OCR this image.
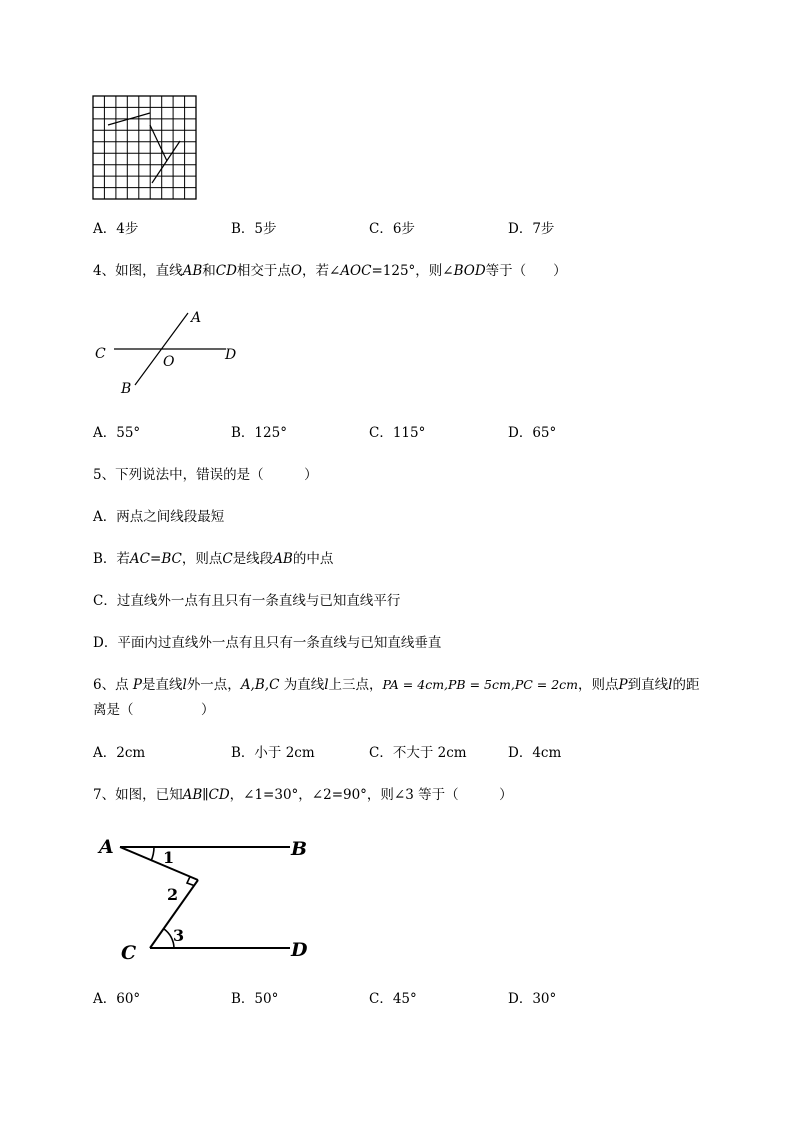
A．4步	B．5步	C．6步	D．7步
4、如图，直线AB和CD相交于点O，若∠AOC=125°，则∠BOD等于（　　）
A
C	D
O
B
A．55°	B．125°	C．115°	D．65°
5、下列说法中，错误的是（　　　）
A．两点之间线段最短
B．若AC=BC，则点C是线段AB的中点
C．过直线外一点有且只有一条直线与已知直线平行
D．平面内过直线外一点有且只有一条直线与已知直线垂直
6、点 P是直线l外一点，A,B,C 为直线l上三点，PA = 4cm,PB = 5cm,PC = 2cm，则点P到直线l的距
离是（　　　　　）
A．2cm	B．小于 2cm	C．不大于 2cm	D．4cm
7、如图，已知AB∥CD，∠1=30°，∠2=90°，则∠3 等于（　　　）
A	B
C	D
1
2
3
A．60°	B．50°	C．45°	D．30°
